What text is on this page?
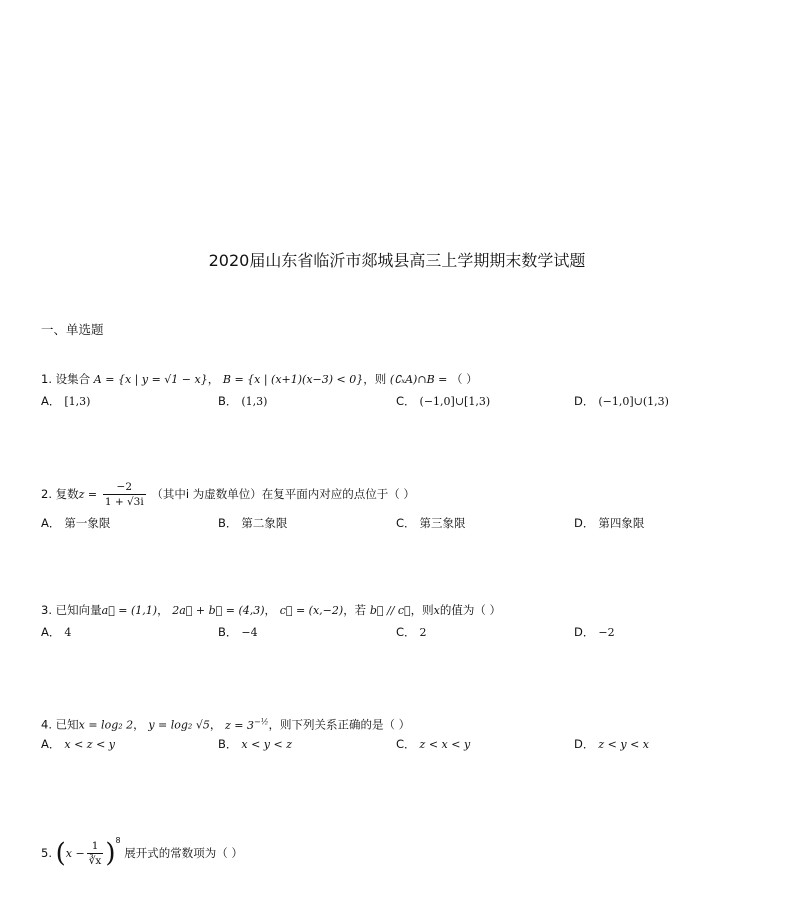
2020届山东省临沂市郯城县高三上学期期末数学试题
一、单选题
1. 设集合 A = {x | y = √1 − x}， B = {x | (x+1)(x−3) < 0}，则 (∁ₓA)∩B = （ ）
A． [1,3)	B． (1,3)	C． (−1,0]∪[1,3)	D． (−1,0]∪(1,3)
2. 复数$z = \frac{-2}{1 + √3i}$ （其中i 为虚数单位）在复平面内对应的点位于（ ）
A． 第一象限	B． 第二象限	C． 第三象限	D． 第四象限
3. 已知向量a⃗ = (1,1)， 2a⃗ + b⃗ = (4,3)， c⃗ = (x,−2)，若 b⃗ // c⃗，则x的值为（ ）
A． 4	B． −4	C． 2	D． −2
4. 已知x = log₂ 2， y = log₂ √5， $z = 3^{-\frac{1}{2}}$，则下列关系正确的是（ ）
A． x < z < y	B． x < y < z	C． z < x < y	D． z < y < x
5. $(x - \frac{1}{∛x} )^8$ 展开式的常数项为（ ）
